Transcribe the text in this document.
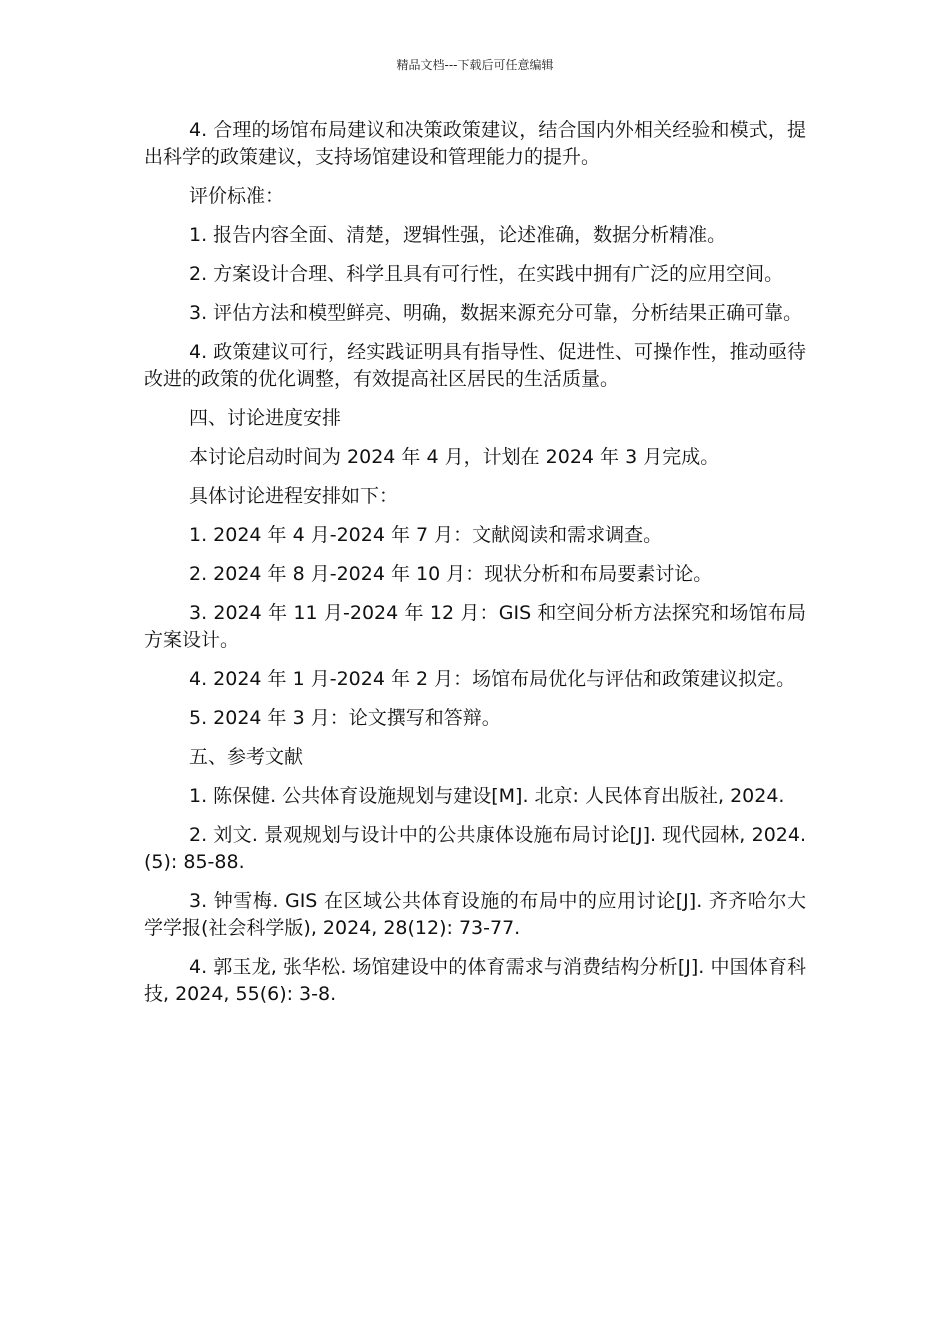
精品文档---下载后可任意编辑

4. 合理的场馆布局建议和决策政策建议，结合国内外相关经验和模式，提出科学的政策建议，支持场馆建设和管理能力的提升。

评价标准：

1. 报告内容全面、清楚，逻辑性强，论述准确，数据分析精准。

2. 方案设计合理、科学且具有可行性，在实践中拥有广泛的应用空间。

3. 评估方法和模型鲜亮、明确，数据来源充分可靠，分析结果正确可靠。

4. 政策建议可行，经实践证明具有指导性、促进性、可操作性，推动亟待改进的政策的优化调整，有效提高社区居民的生活质量。

四、讨论进度安排

本讨论启动时间为 2024 年 4 月，计划在 2024 年 3 月完成。

具体讨论进程安排如下：

1. 2024 年 4 月-2024 年 7 月：文献阅读和需求调查。

2. 2024 年 8 月-2024 年 10 月：现状分析和布局要素讨论。

3. 2024 年 11 月-2024 年 12 月：GIS 和空间分析方法探究和场馆布局方案设计。

4. 2024 年 1 月-2024 年 2 月：场馆布局优化与评估和政策建议拟定。

5. 2024 年 3 月：论文撰写和答辩。

五、参考文献

1. 陈保健. 公共体育设施规划与建设[M]. 北京: 人民体育出版社, 2024.

2. 刘文. 景观规划与设计中的公共康体设施布局讨论[J]. 现代园林, 2024. (5): 85-88.

3. 钟雪梅. GIS 在区域公共体育设施的布局中的应用讨论[J]. 齐齐哈尔大学学报(社会科学版), 2024, 28(12): 73-77.

4. 郭玉龙, 张华松. 场馆建设中的体育需求与消费结构分析[J]. 中国体育科技, 2024, 55(6): 3-8.
